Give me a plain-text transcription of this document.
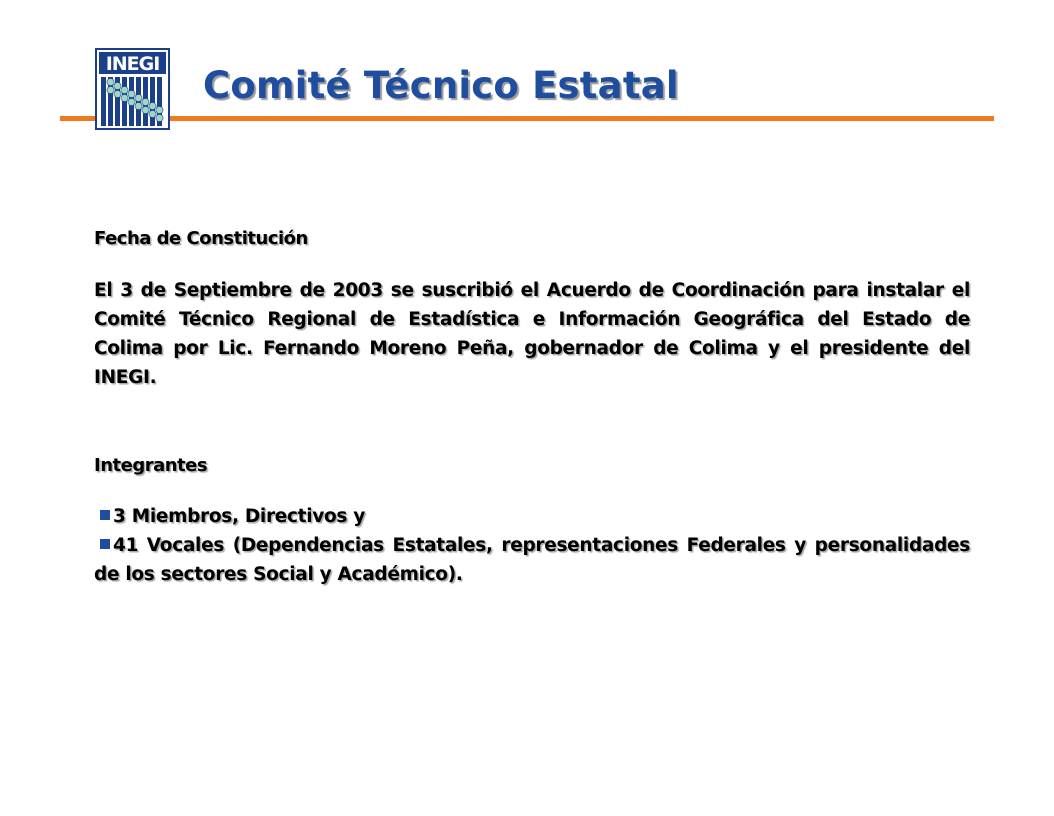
INEGI Comité Técnico Estatal
Fecha de Constitución

El 3 de Septiembre de 2003 se suscribió el Acuerdo de Coordinación para instalar el Comité Técnico Regional de Estadística e Información Geográfica del Estado de Colima por Lic. Fernando Moreno Peña, gobernador de Colima y el presidente del INEGI.

Integrantes
3 Miembros, Directivos y
41 Vocales (Dependencias Estatales, representaciones Federales y personalidades de los sectores Social y Académico).
